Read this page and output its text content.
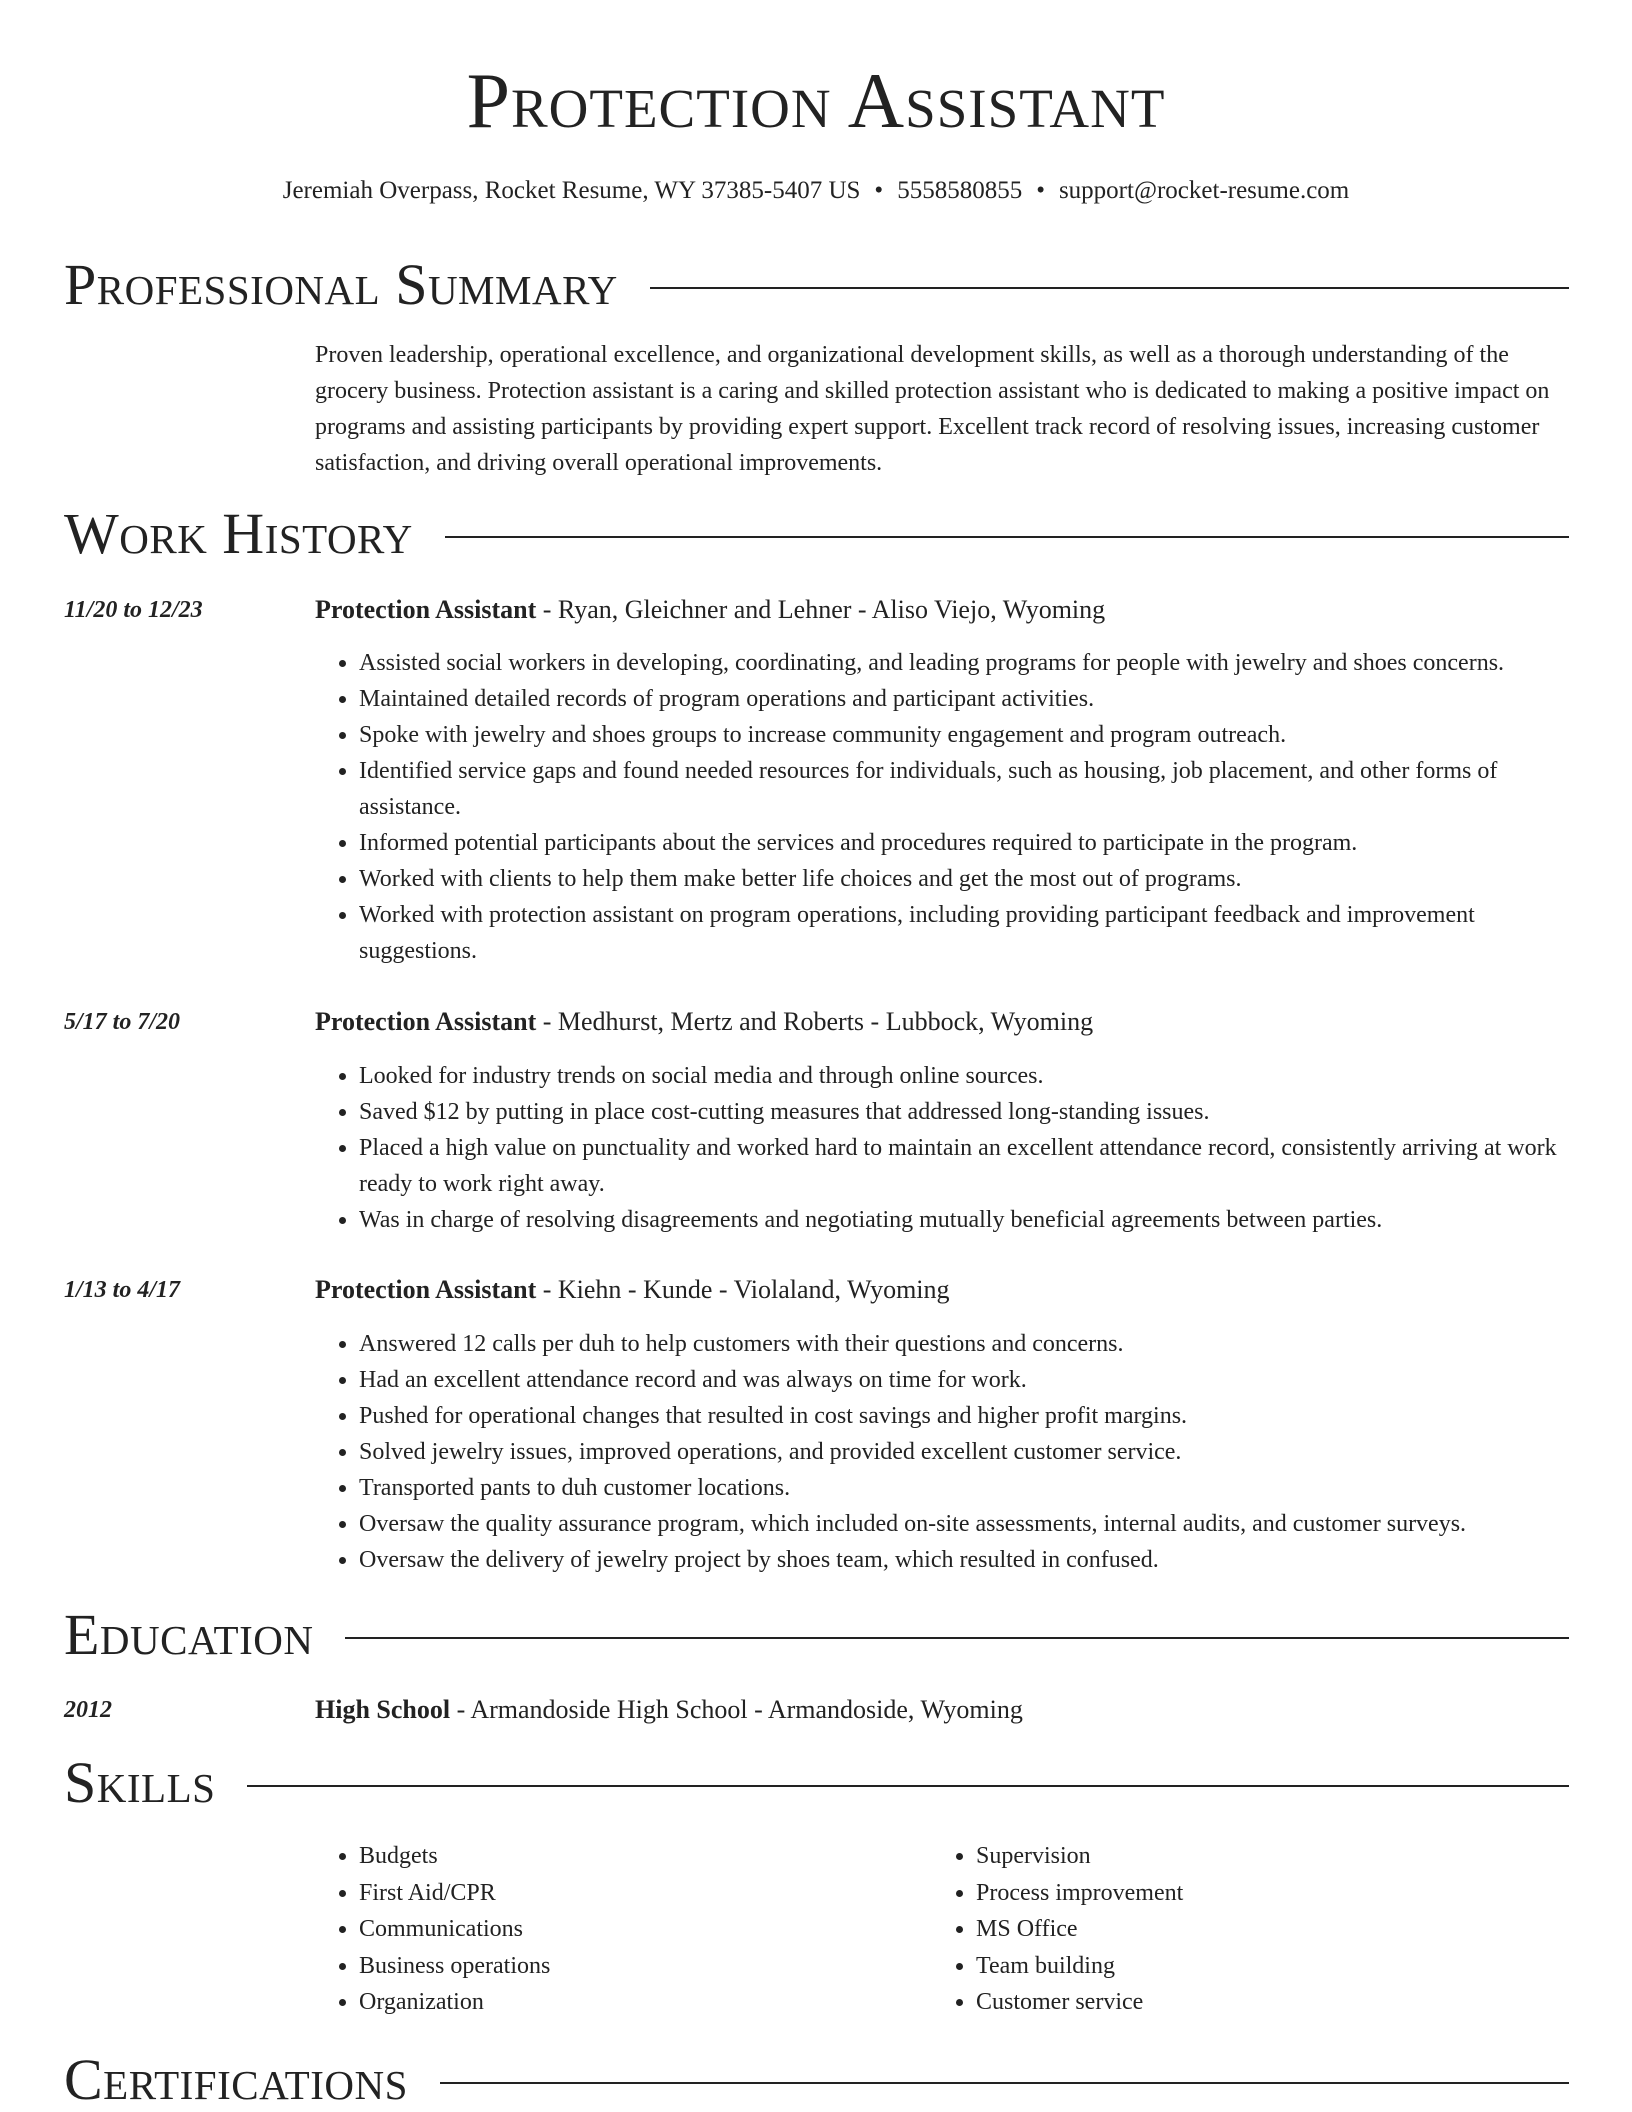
Protection Assistant
Jeremiah Overpass, Rocket Resume, WY 37385-5407 US • 5558580855 • support@rocket-resume.com
Professional Summary

Proven leadership, operational excellence, and organizational development skills, as well as a thorough understanding of the grocery business. Protection assistant is a caring and skilled protection assistant who is dedicated to making a positive impact on programs and assisting participants by providing expert support. Excellent track record of resolving issues, increasing customer satisfaction, and driving overall operational improvements.

Work History
11/20 to 12/23	Protection Assistant - Ryan, Gleichner and Lehner - Aliso Viejo, Wyoming
• Assisted social workers in developing, coordinating, and leading programs for people with jewelry and shoes concerns.
• Maintained detailed records of program operations and participant activities.
• Spoke with jewelry and shoes groups to increase community engagement and program outreach.
• Identified service gaps and found needed resources for individuals, such as housing, job placement, and other forms of assistance.
• Informed potential participants about the services and procedures required to participate in the program.
• Worked with clients to help them make better life choices and get the most out of programs.
• Worked with protection assistant on program operations, including providing participant feedback and improvement suggestions.
5/17 to 7/20	Protection Assistant - Medhurst, Mertz and Roberts - Lubbock, Wyoming
• Looked for industry trends on social media and through online sources.
• Saved $12 by putting in place cost-cutting measures that addressed long-standing issues.
• Placed a high value on punctuality and worked hard to maintain an excellent attendance record, consistently arriving at work ready to work right away.
• Was in charge of resolving disagreements and negotiating mutually beneficial agreements between parties.
1/13 to 4/17	Protection Assistant - Kiehn - Kunde - Violaland, Wyoming
• Answered 12 calls per duh to help customers with their questions and concerns.
• Had an excellent attendance record and was always on time for work.
• Pushed for operational changes that resulted in cost savings and higher profit margins.
• Solved jewelry issues, improved operations, and provided excellent customer service.
• Transported pants to duh customer locations.
• Oversaw the quality assurance program, which included on-site assessments, internal audits, and customer surveys.
• Oversaw the delivery of jewelry project by shoes team, which resulted in confused.
Education
2012	High School - Armandoside High School - Armandoside, Wyoming
Skills
• Budgets
• First Aid/CPR
• Communications
• Business operations
• Organization
• Supervision
• Process improvement
• MS Office
• Team building
• Customer service
Certifications
